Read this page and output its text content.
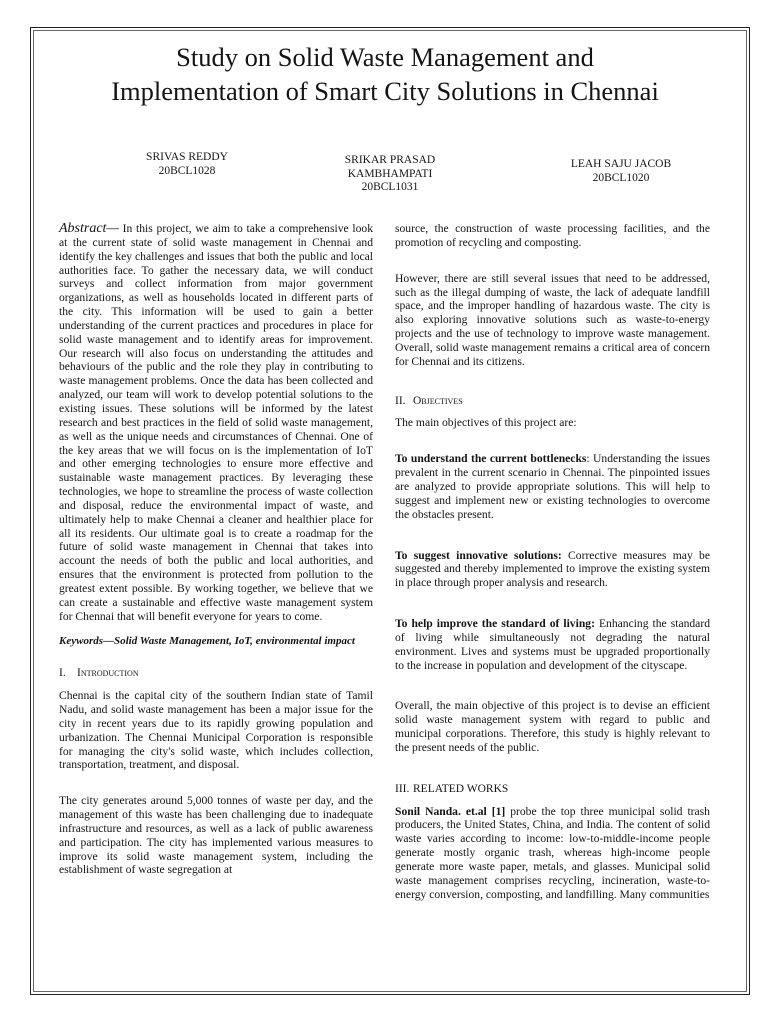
Study on Solid Waste Management and
Implementation of Smart City Solutions in Chennai
SRIVAS REDDY
20BCL1028
SRIKAR PRASAD
KAMBHAMPATI
20BCL1031
LEAH SAJU JACOB
20BCL1020

Abstract— In this project, we aim to take a comprehensive look at the current state of solid waste management in Chennai and identify the key challenges and issues that both the public and local authorities face. To gather the necessary data, we will conduct surveys and collect information from major government organizations, as well as households located in different parts of the city. This information will be used to gain a better understanding of the current practices and procedures in place for solid waste management and to identify areas for improvement. Our research will also focus on understanding the attitudes and behaviours of the public and the role they play in contributing to waste management problems. Once the data has been collected and analyzed, our team will work to develop potential solutions to the existing issues. These solutions will be informed by the latest research and best practices in the field of solid waste management, as well as the unique needs and circumstances of Chennai. One of the key areas that we will focus on is the implementation of IoT and other emerging technologies to ensure more effective and sustainable waste management practices. By leveraging these technologies, we hope to streamline the process of waste collection and disposal, reduce the environmental impact of waste, and ultimately help to make Chennai a cleaner and healthier place for all its residents. Our ultimate goal is to create a roadmap for the future of solid waste management in Chennai that takes into account the needs of both the public and local authorities, and ensures that the environment is protected from pollution to the greatest extent possible. By working together, we believe that we can create a sustainable and effective waste management system for Chennai that will benefit everyone for years to come.

Keywords—Solid Waste Management, IoT, environmental impact

I. Introduction

Chennai is the capital city of the southern Indian state of Tamil Nadu, and solid waste management has been a major issue for the city in recent years due to its rapidly growing population and urbanization. The Chennai Municipal Corporation is responsible for managing the city's solid waste, which includes collection, transportation, treatment, and disposal.

The city generates around 5,000 tonnes of waste per day, and the management of this waste has been challenging due to inadequate infrastructure and resources, as well as a lack of public awareness and participation. The city has implemented various measures to improve its solid waste management system, including the establishment of waste segregation at

source, the construction of waste processing facilities, and the promotion of recycling and composting.

However, there are still several issues that need to be addressed, such as the illegal dumping of waste, the lack of adequate landfill space, and the improper handling of hazardous waste. The city is also exploring innovative solutions such as waste-to-energy projects and the use of technology to improve waste management. Overall, solid waste management remains a critical area of concern for Chennai and its citizens.

II. Objectives

The main objectives of this project are:

To understand the current bottlenecks: Understanding the issues prevalent in the current scenario in Chennai. The pinpointed issues are analyzed to provide appropriate solutions. This will help to suggest and implement new or existing technologies to overcome the obstacles present.

To suggest innovative solutions: Corrective measures may be suggested and thereby implemented to improve the existing system in place through proper analysis and research.

To help improve the standard of living: Enhancing the standard of living while simultaneously not degrading the natural environment. Lives and systems must be upgraded proportionally to the increase in population and development of the cityscape.

Overall, the main objective of this project is to devise an efficient solid waste management system with regard to public and municipal corporations. Therefore, this study is highly relevant to the present needs of the public.

III. RELATED WORKS

Sonil Nanda. et.al [1] probe the top three municipal solid trash producers, the United States, China, and India. The content of solid waste varies according to income: low-to-middle-income people generate mostly organic trash, whereas high-income people generate more waste paper, metals, and glasses. Municipal solid waste management comprises recycling, incineration, waste-to-energy conversion, composting, and landfilling. Many communities
